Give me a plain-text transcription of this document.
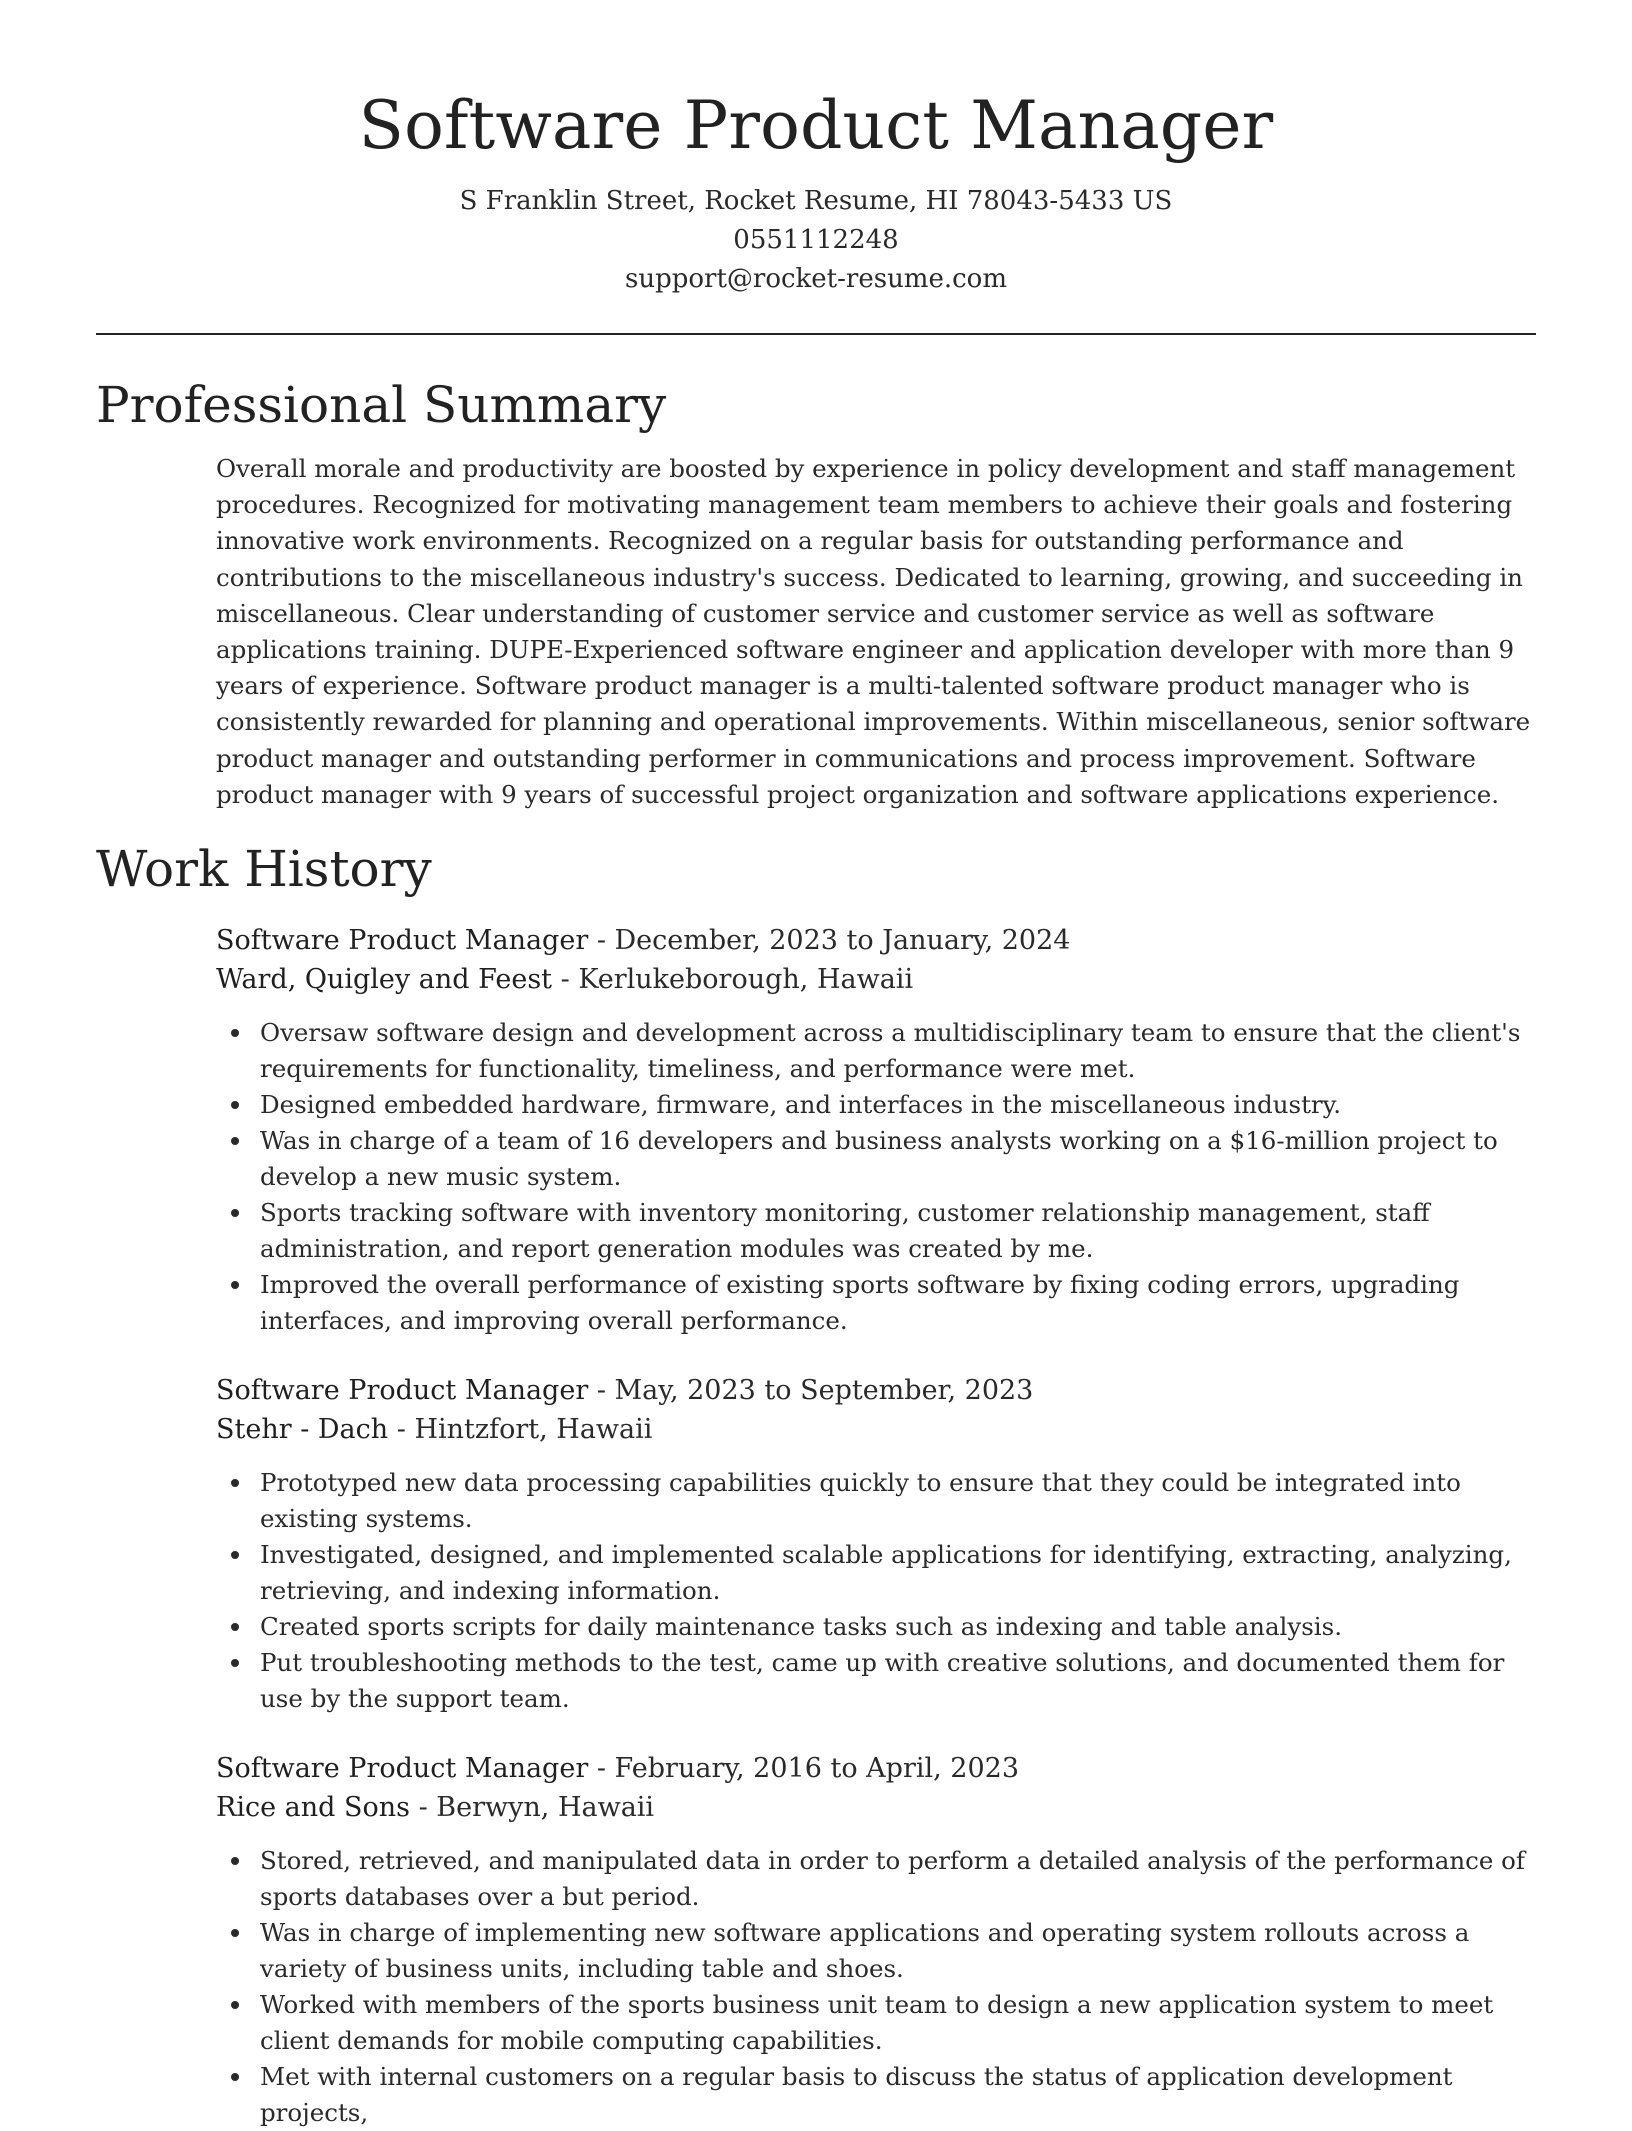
Software Product Manager
S Franklin Street, Rocket Resume, HI 78043-5433 US
0551112248
support@rocket-resume.com
Professional Summary

Overall morale and productivity are boosted by experience in policy development and staff management procedures. Recognized for motivating management team members to achieve their goals and fostering innovative work environments. Recognized on a regular basis for outstanding performance and contributions to the miscellaneous industry's success. Dedicated to learning, growing, and succeeding in miscellaneous. Clear understanding of customer service and customer service as well as software applications training. DUPE-Experienced software engineer and application developer with more than 9 years of experience. Software product manager is a multi-talented software product manager who is consistently rewarded for planning and operational improvements. Within miscellaneous, senior software product manager and outstanding performer in communications and process improvement. Software product manager with 9 years of successful project organization and software applications experience.

Work History
Software Product Manager - December, 2023 to January, 2024
Ward, Quigley and Feest - Kerlukeborough, Hawaii
Oversaw software design and development across a multidisciplinary team to ensure that the client's requirements for functionality, timeliness, and performance were met.
Designed embedded hardware, firmware, and interfaces in the miscellaneous industry.
Was in charge of a team of 16 developers and business analysts working on a $16-million project to develop a new music system.
Sports tracking software with inventory monitoring, customer relationship management, staff administration, and report generation modules was created by me.
Improved the overall performance of existing sports software by fixing coding errors, upgrading interfaces, and improving overall performance.
Software Product Manager - May, 2023 to September, 2023
Stehr - Dach - Hintzfort, Hawaii
Prototyped new data processing capabilities quickly to ensure that they could be integrated into existing systems.
Investigated, designed, and implemented scalable applications for identifying, extracting, analyzing, retrieving, and indexing information.
Created sports scripts for daily maintenance tasks such as indexing and table analysis.
Put troubleshooting methods to the test, came up with creative solutions, and documented them for use by the support team.
Software Product Manager - February, 2016 to April, 2023
Rice and Sons - Berwyn, Hawaii
Stored, retrieved, and manipulated data in order to perform a detailed analysis of the performance of sports databases over a but period.
Was in charge of implementing new software applications and operating system rollouts across a variety of business units, including table and shoes.
Worked with members of the sports business unit team to design a new application system to meet client demands for mobile computing capabilities.
Met with internal customers on a regular basis to discuss the status of application development projects,
